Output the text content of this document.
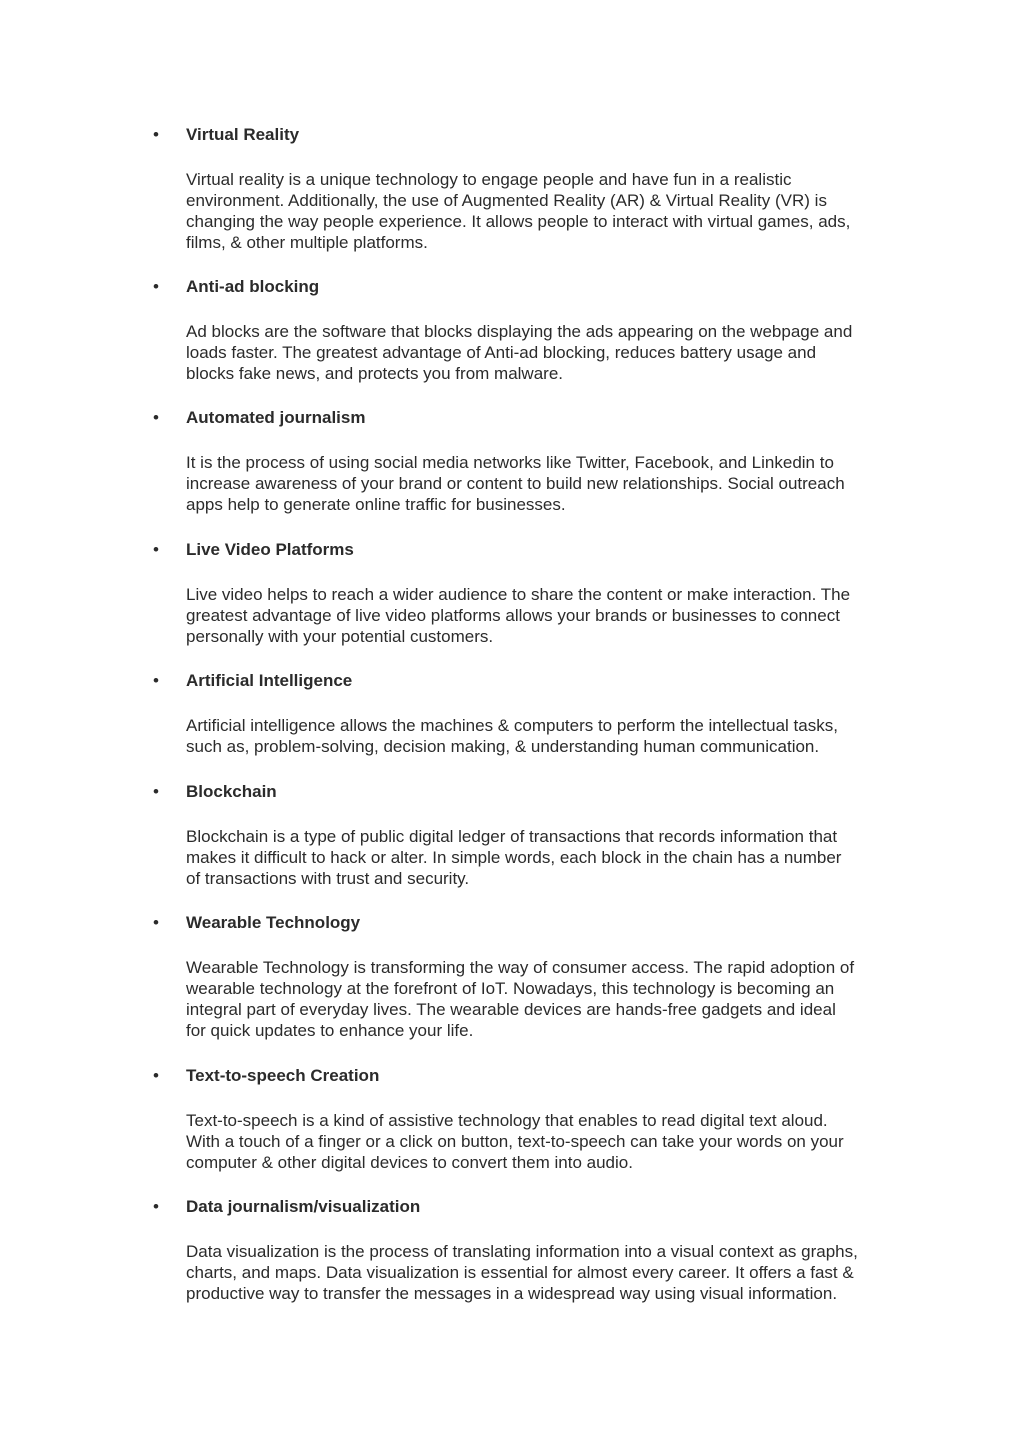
• Virtual Reality
Virtual reality is a unique technology to engage people and have fun in a realistic
environment. Additionally, the use of Augmented Reality (AR) & Virtual Reality (VR) is
changing the way people experience. It allows people to interact with virtual games, ads,
films, & other multiple platforms.
• Anti-ad blocking
Ad blocks are the software that blocks displaying the ads appearing on the webpage and
loads faster. The greatest advantage of Anti-ad blocking, reduces battery usage and
blocks fake news, and protects you from malware.
• Automated journalism
It is the process of using social media networks like Twitter, Facebook, and Linkedin to
increase awareness of your brand or content to build new relationships. Social outreach
apps help to generate online traffic for businesses.
• Live Video Platforms
Live video helps to reach a wider audience to share the content or make interaction. The
greatest advantage of live video platforms allows your brands or businesses to connect
personally with your potential customers.
• Artificial Intelligence
Artificial intelligence allows the machines & computers to perform the intellectual tasks,
such as, problem-solving, decision making, & understanding human communication.
• Blockchain
Blockchain is a type of public digital ledger of transactions that records information that
makes it difficult to hack or alter. In simple words, each block in the chain has a number
of transactions with trust and security.
• Wearable Technology
Wearable Technology is transforming the way of consumer access. The rapid adoption of
wearable technology at the forefront of IoT. Nowadays, this technology is becoming an
integral part of everyday lives. The wearable devices are hands-free gadgets and ideal
for quick updates to enhance your life.
• Text-to-speech Creation
Text-to-speech is a kind of assistive technology that enables to read digital text aloud.
With a touch of a finger or a click on button, text-to-speech can take your words on your
computer & other digital devices to convert them into audio.
• Data journalism/visualization
Data visualization is the process of translating information into a visual context as graphs,
charts, and maps. Data visualization is essential for almost every career. It offers a fast &
productive way to transfer the messages in a widespread way using visual information.
